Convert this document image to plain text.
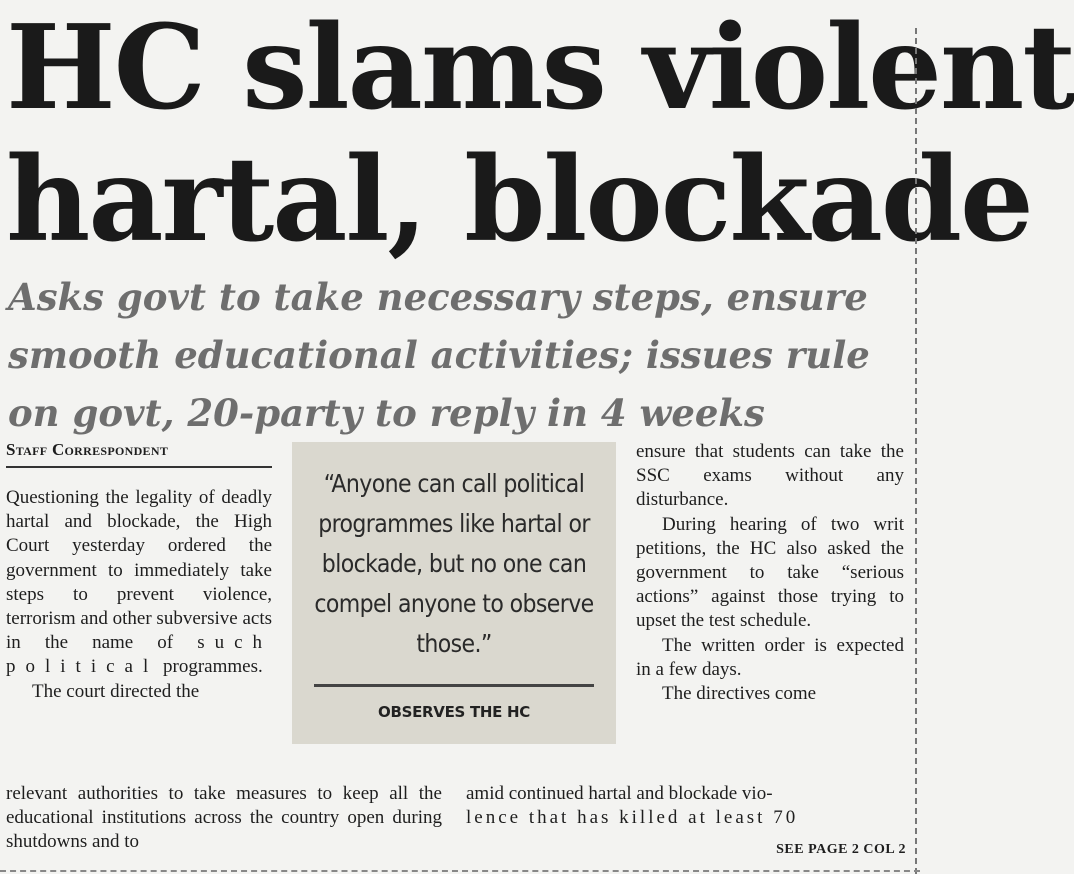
HC slams violent
hartal, blockade
Asks govt to take necessary steps, ensure
smooth educational activities; issues rule
on govt, 20-party to reply in 4 weeks
Staff Correspondent

Questioning the legality of deadly hartal and blockade, the High Court yesterday ordered the government to immediately take steps to prevent violence, terrorism and other subversive acts in the name of such political programmes.

The court directed the

“Anyone can call political programmes like hartal or blockade, but no one can compel anyone to observe those.”
OBSERVES THE HC

ensure that students can take the SSC exams without any disturbance.

During hearing of two writ petitions, the HC also asked the government to take “serious actions” against those trying to upset the test schedule.

The written order is expected in a few days.

The directives come

relevant authorities to take measures to keep all the educational institutions across the country open during shutdowns and to
amid continued hartal and blockade vio-
lence that has killed at least 70
SEE PAGE 2 COL 2
